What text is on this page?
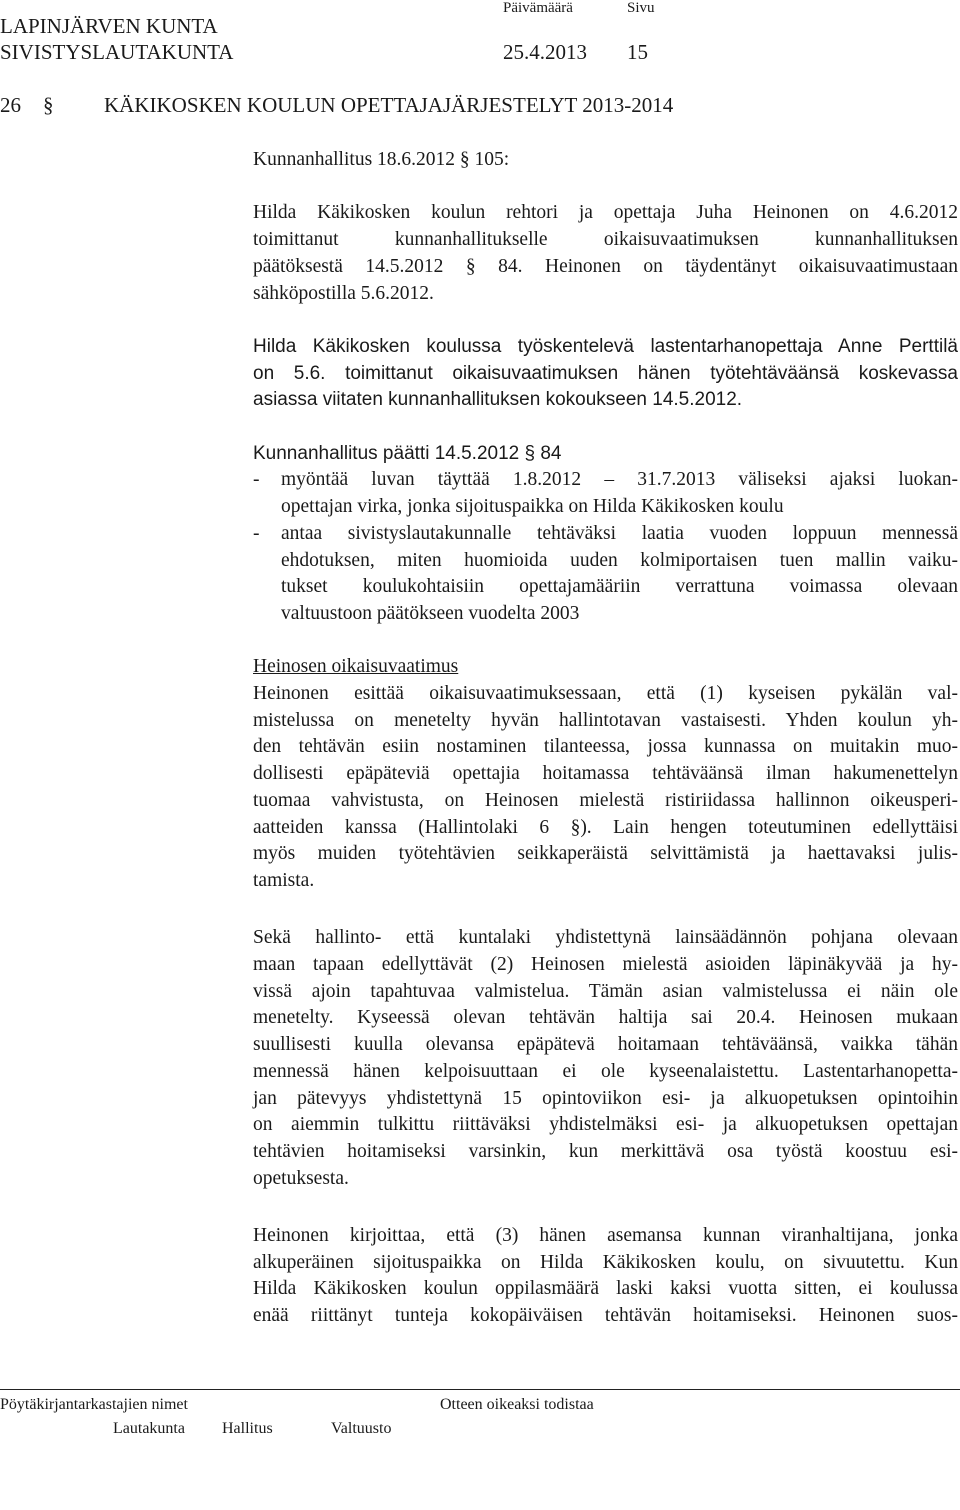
LAPINJÄRVEN KUNTA
Päivämäärä	Sivu
SIVISTYSLAUTAKUNTA	25.4.2013 15
26 § KÄKIKOSKEN KOULUN OPETTAJAJÄRJESTELYT 2013-2014

Kunnanhallitus 18.6.2012 § 105:

Hilda Käkikosken koulun rehtori ja opettaja Juha Heinonen on 4.6.2012

toimittanut kunnanhallitukselle oikaisuvaatimuksen kunnanhallituksen

päätöksestä 14.5.2012 § 84. Heinonen on täydentänyt oikaisuvaatimustaan

sähköpostilla 5.6.2012.

Hilda Käkikosken koulussa työskentelevä lastentarhanopettaja Anne Perttilä

on 5.6. toimittanut oikaisuvaatimuksen hänen työtehtäväänsä koskevassa

asiassa viitaten kunnanhallituksen kokoukseen 14.5.2012.

Kunnanhallitus päätti 14.5.2012 § 84

-	myöntää luvan täyttää 1.8.2012 – 31.7.2013 väliseksi ajaksi luokan-

opettajan virka, jonka sijoituspaikka on Hilda Käkikosken koulu

-	antaa sivistyslautakunnalle tehtäväksi laatia vuoden loppuun mennessä

ehdotuksen, miten huomioida uuden kolmiportaisen tuen mallin vaiku-

tukset koulukohtaisiin opettajamääriin verrattuna voimassa olevaan

valtuustoon päätökseen vuodelta 2003

Heinosen oikaisuvaatimus

Heinonen esittää oikaisuvaatimuksessaan, että (1) kyseisen pykälän val-

mistelussa on menetelty hyvän hallintotavan vastaisesti. Yhden koulun yh-

den tehtävän esiin nostaminen tilanteessa, jossa kunnassa on muitakin muo-

dollisesti epäpäteviä opettajia hoitamassa tehtäväänsä ilman hakumenettelyn

tuomaa vahvistusta, on Heinosen mielestä ristiriidassa hallinnon oikeusperi-

aatteiden kanssa (Hallintolaki 6 §). Lain hengen toteutuminen edellyttäisi

myös muiden työtehtävien seikkaperäistä selvittämistä ja haettavaksi julis-

tamista.

Sekä hallinto- että kuntalaki yhdistettynä lainsäädännön pohjana olevaan

maan tapaan edellyttävät (2) Heinosen mielestä asioiden läpinäkyvää ja hy-

vissä ajoin tapahtuvaa valmistelua. Tämän asian valmistelussa ei näin ole

menetelty. Kyseessä olevan tehtävän haltija sai 20.4. Heinosen mukaan

suullisesti kuulla olevansa epäpätevä hoitamaan tehtäväänsä, vaikka tähän

mennessä hänen kelpoisuuttaan ei ole kyseenalaistettu. Lastentarhanopetta-

jan pätevyys yhdistettynä 15 opintoviikon esi- ja alkuopetuksen opintoihin

on aiemmin tulkittu riittäväksi yhdistelmäksi esi- ja alkuopetuksen opettajan

tehtävien hoitamiseksi varsinkin, kun merkittävä osa työstä koostuu esi-

opetuksesta.

Heinonen kirjoittaa, että (3) hänen asemansa kunnan viranhaltijana, jonka

alkuperäinen sijoituspaikka on Hilda Käkikosken koulu, on sivuutettu. Kun

Hilda Käkikosken koulun oppilasmäärä laski kaksi vuotta sitten, ei koulussa

enää riittänyt tunteja kokopäiväisen tehtävän hoitamiseksi. Heinonen suos-

Pöytäkirjantarkastajien nimet	Otteen oikeaksi todistaa
Lautakunta Hallitus	Valtuusto
